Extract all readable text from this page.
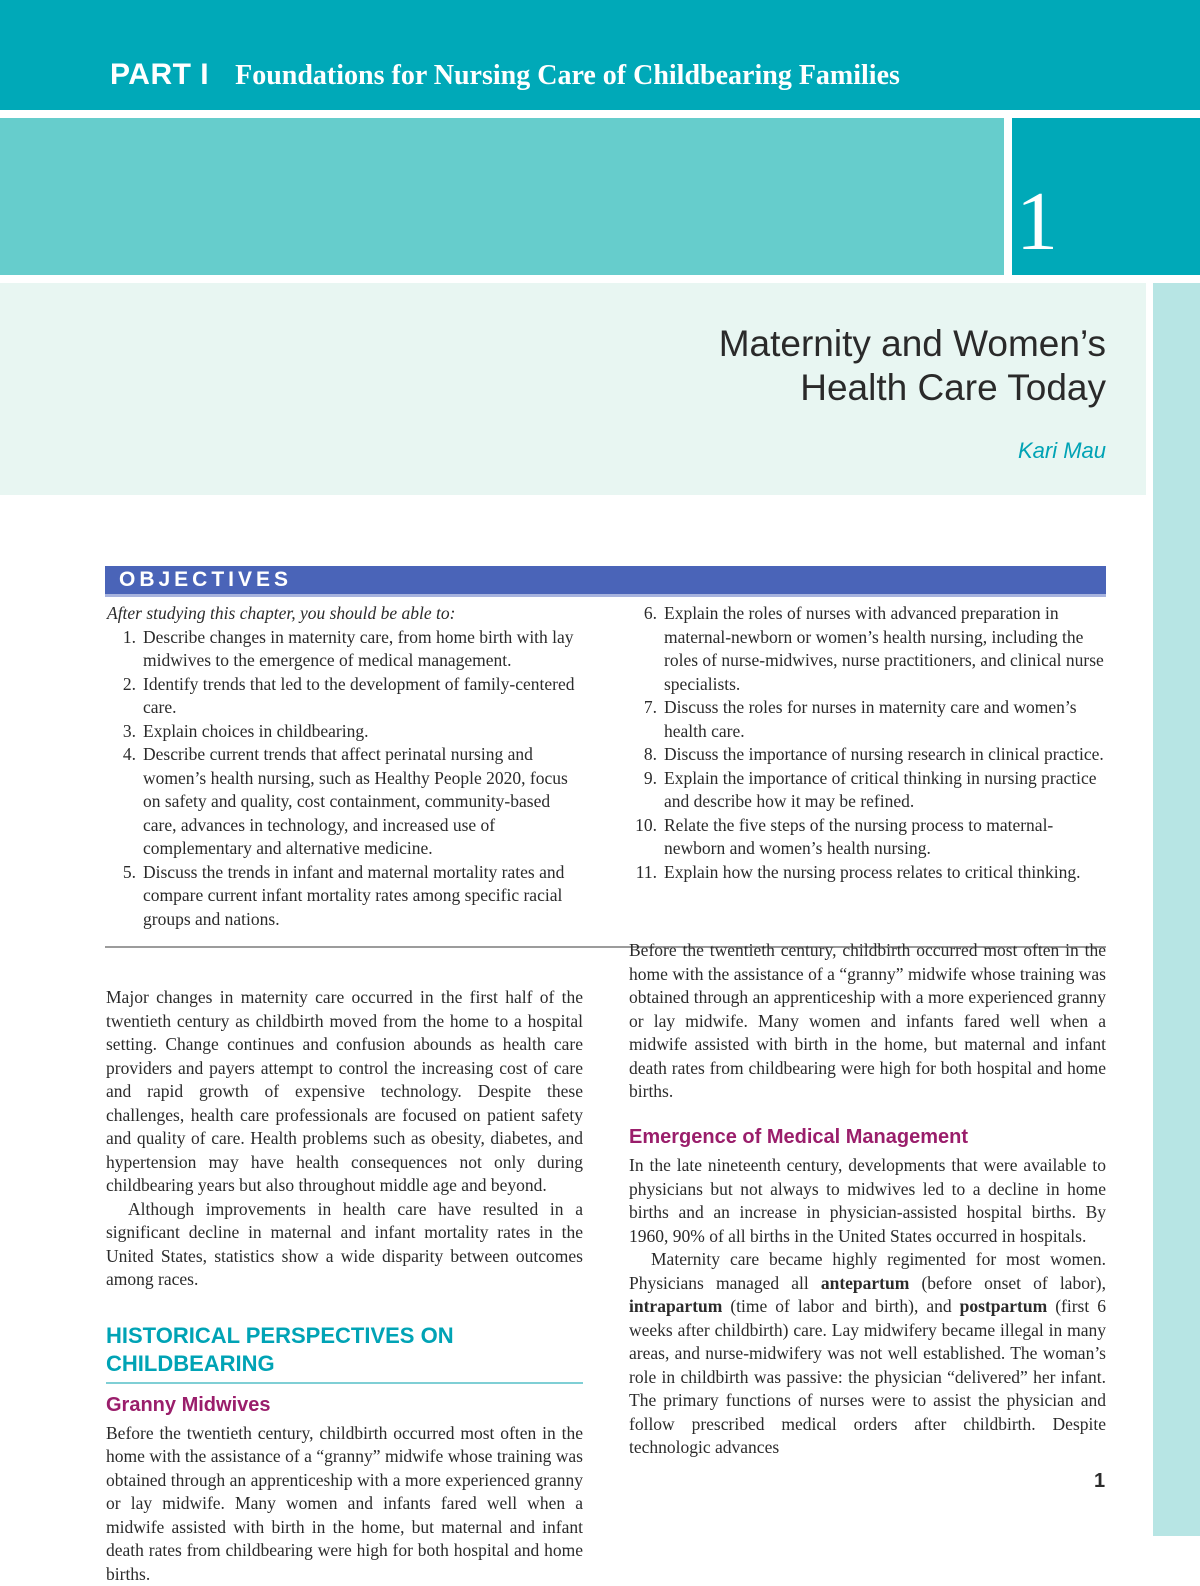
PART I Foundations for Nursing Care of Childbearing Families
1
Maternity and Women’s
Health Care Today
Kari Mau
OBJECTIVES
After studying this chapter, you should be able to:
1. Describe changes in maternity care, from home birth with lay midwives to the emergence of medical management.
2. Identify trends that led to the development of family-centered care.
3. Explain choices in childbearing.
4. Describe current trends that affect perinatal nursing and women’s health nursing, such as Healthy People 2020, focus on safety and quality, cost containment, community-based care, advances in technology, and increased use of complementary and alternative medicine.
5. Discuss the trends in infant and maternal mortality rates and compare current infant mortality rates among specific racial groups and nations.
6. Explain the roles of nurses with advanced preparation in maternal-newborn or women’s health nursing, including the roles of nurse-midwives, nurse practitioners, and clinical nurse specialists.
7. Discuss the roles for nurses in maternity care and women’s health care.
8. Discuss the importance of nursing research in clinical practice.
9. Explain the importance of critical thinking in nursing practice and describe how it may be refined.
10. Relate the five steps of the nursing process to maternal-newborn and women’s health nursing.
11. Explain how the nursing process relates to critical thinking.

Major changes in maternity care occurred in the first half of the twentieth century as childbirth moved from the home to a hospital setting. Change continues and confusion abounds as health care providers and payers attempt to control the increasing cost of care and rapid growth of expensive technology. Despite these challenges, health care professionals are focused on patient safety and quality of care. Health problems such as obesity, diabetes, and hypertension may have health consequences not only during childbearing years but also throughout middle age and beyond.

Although improvements in health care have resulted in a significant decline in maternal and infant mortality rates in the United States, statistics show a wide disparity between outcomes among races.

HISTORICAL PERSPECTIVES ON CHILDBEARING
Granny Midwives

Before the twentieth century, childbirth occurred most often in the home with the assistance of a “granny” midwife whose training was obtained through an apprenticeship with a more experienced granny or lay midwife. Many women and infants fared well when a midwife assisted with birth in the home, but maternal and infant death rates from childbearing were high for both hospital and home births.

Before the twentieth century, childbirth occurred most often in the home with the assistance of a “granny” midwife whose training was obtained through an apprenticeship with a more experienced granny or lay midwife. Many women and infants fared well when a midwife assisted with birth in the home, but maternal and infant death rates from childbearing were high for both hospital and home births.

Emergence of Medical Management

In the late nineteenth century, developments that were available to physicians but not always to midwives led to a decline in home births and an increase in physician-assisted hospital births. By 1960, 90% of all births in the United States occurred in hospitals.

Maternity care became highly regimented for most women. Physicians managed all antepartum (before onset of labor), intrapartum (time of labor and birth), and postpartum (first 6 weeks after childbirth) care. Lay midwifery became illegal in many areas, and nurse-midwifery was not well established. The woman’s role in childbirth was passive: the physician “delivered” her infant. The primary functions of nurses were to assist the physician and follow prescribed medical orders after childbirth. Despite technologic advances

1
